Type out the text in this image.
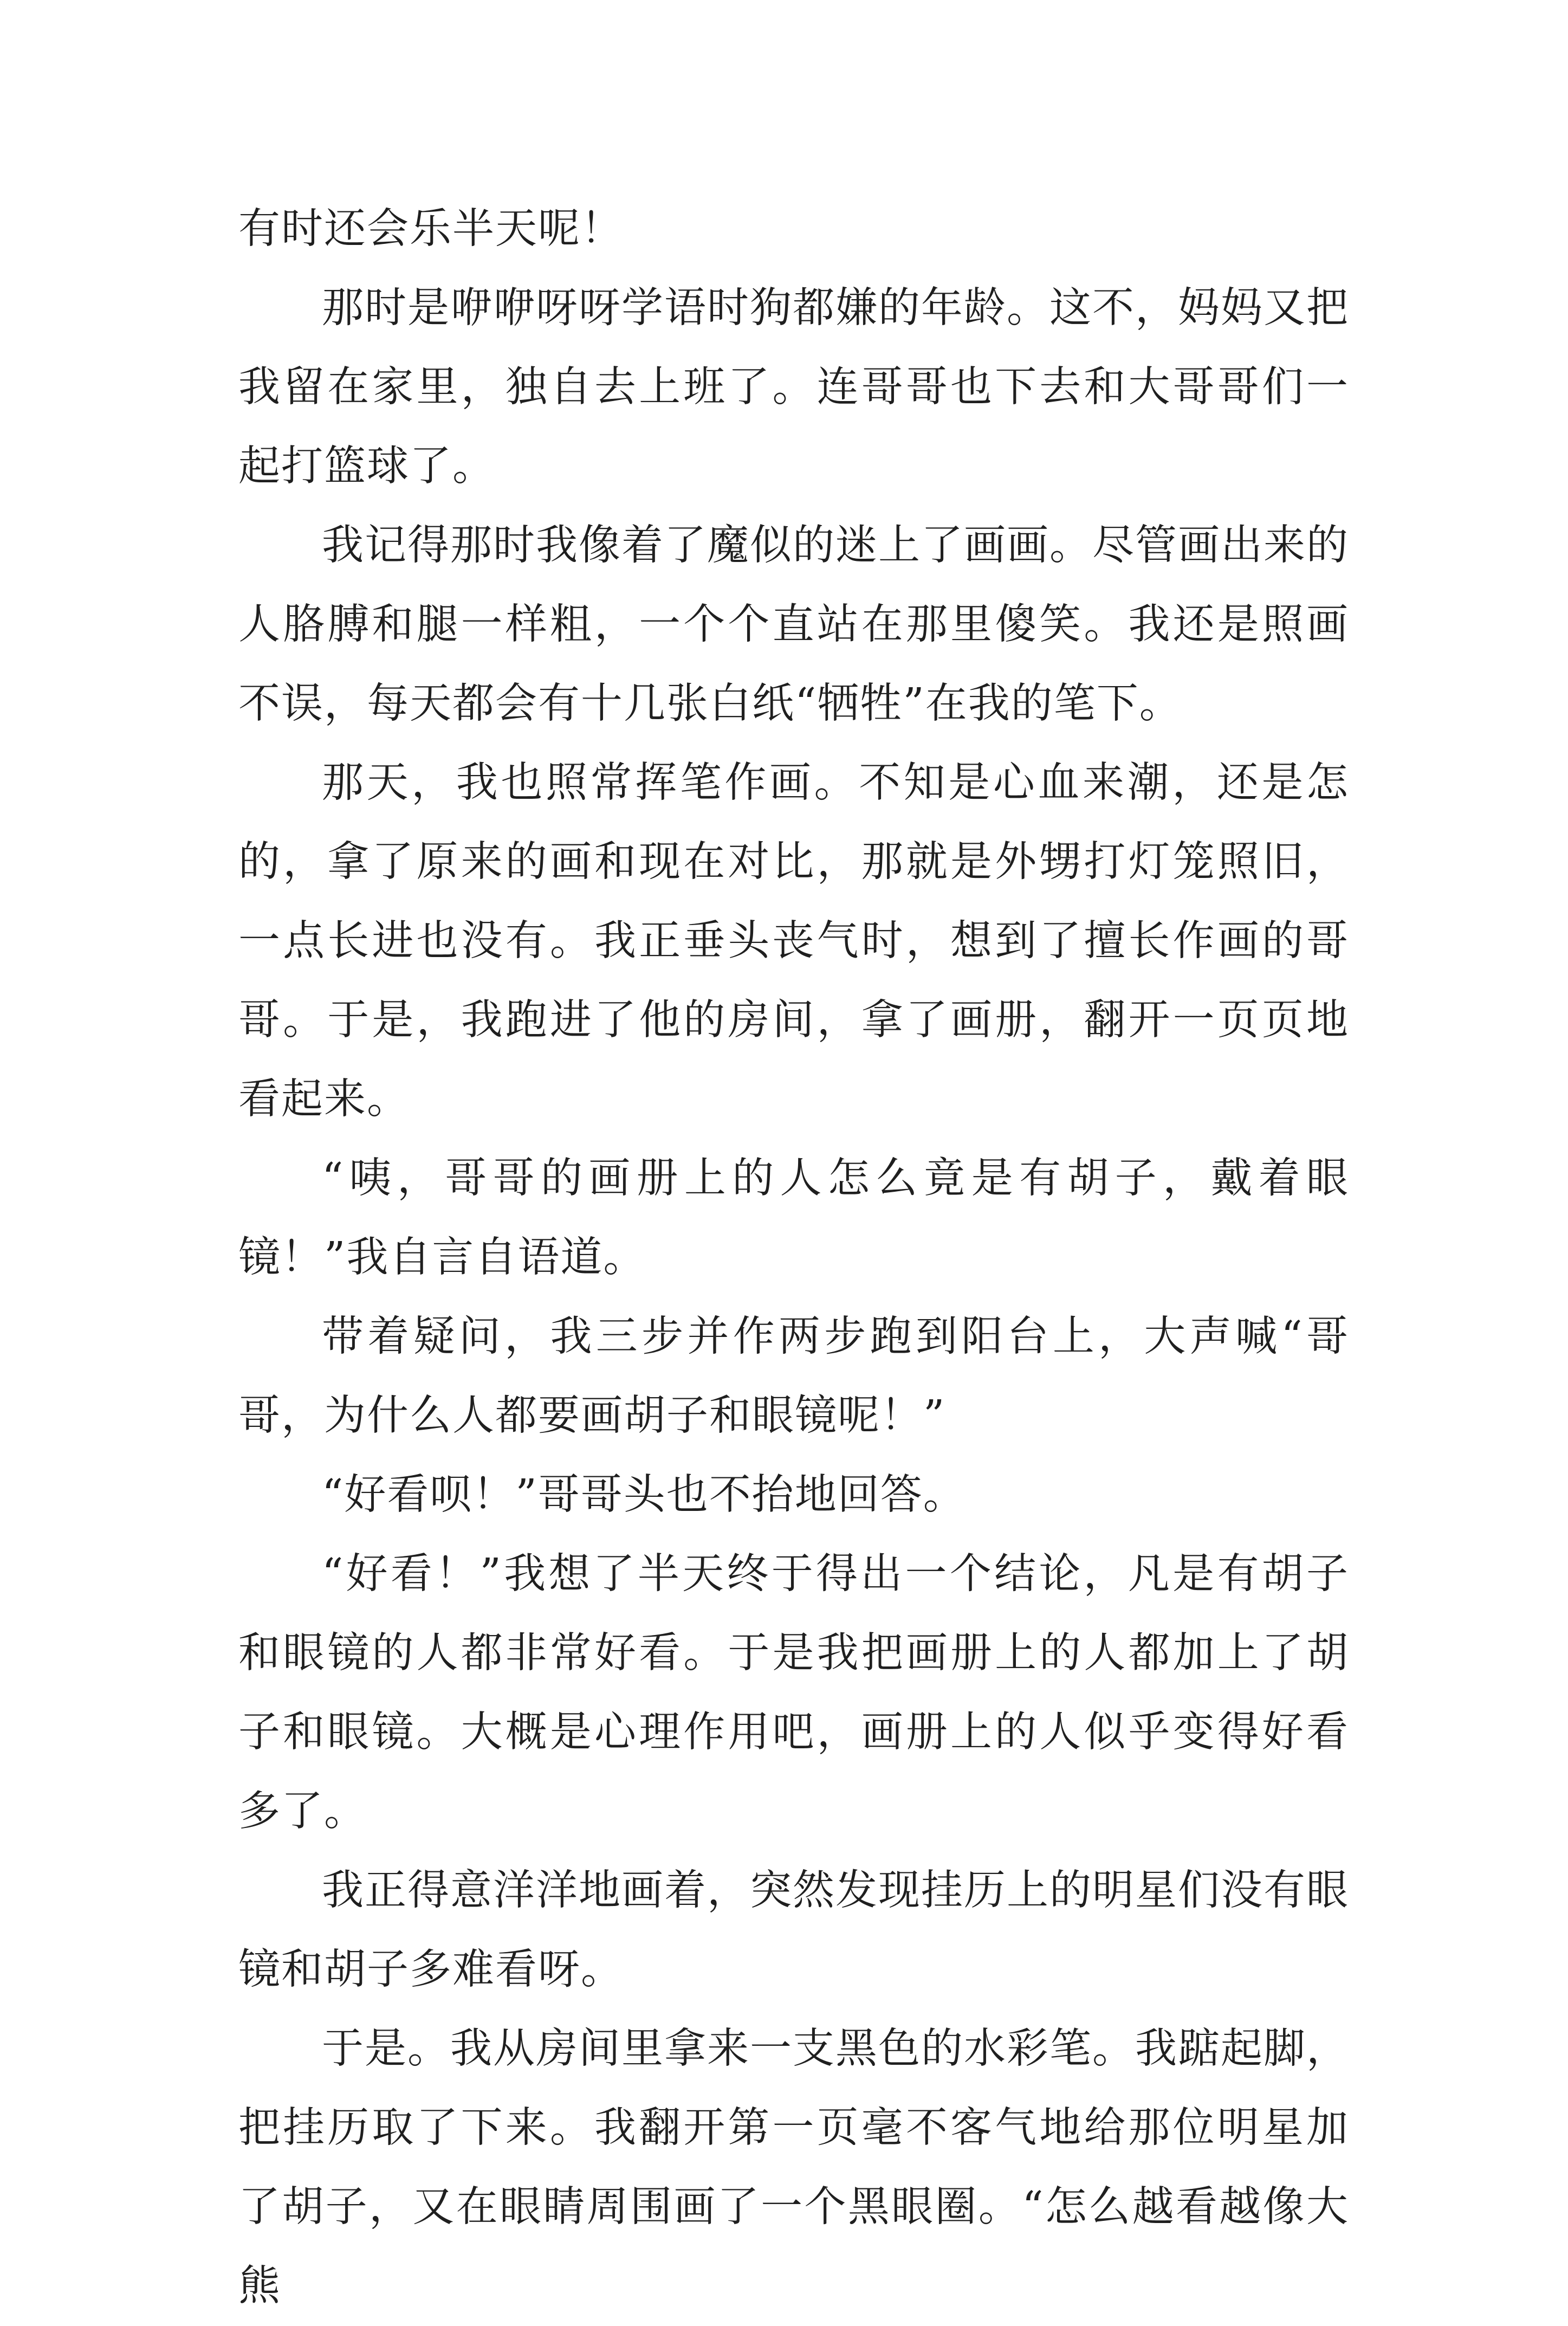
有时还会乐半天呢！

那时是咿咿呀呀学语时狗都嫌的年龄。这不，妈妈又把我留在家里，独自去上班了。连哥哥也下去和大哥哥们一起打篮球了。

我记得那时我像着了魔似的迷上了画画。尽管画出来的人胳膊和腿一样粗，一个个直站在那里傻笑。我还是照画不误，每天都会有十几张白纸“牺牲”在我的笔下。

那天，我也照常挥笔作画。不知是心血来潮，还是怎的，拿了原来的画和现在对比，那就是外甥打灯笼照旧，一点长进也没有。我正垂头丧气时，想到了擅长作画的哥哥。于是，我跑进了他的房间，拿了画册，翻开一页页地看起来。

“咦，哥哥的画册上的人怎么竟是有胡子，戴着眼镜！”我自言自语道。

带着疑问，我三步并作两步跑到阳台上，大声喊“哥哥，为什么人都要画胡子和眼镜呢！”

“好看呗！”哥哥头也不抬地回答。

“好看！”我想了半天终于得出一个结论，凡是有胡子和眼镜的人都非常好看。于是我把画册上的人都加上了胡子和眼镜。大概是心理作用吧，画册上的人似乎变得好看多了。

我正得意洋洋地画着，突然发现挂历上的明星们没有眼镜和胡子多难看呀。

于是。我从房间里拿来一支黑色的水彩笔。我踮起脚，把挂历取了下来。我翻开第一页毫不客气地给那位明星加了胡子，又在眼睛周围画了一个黑眼圈。“怎么越看越像大熊
